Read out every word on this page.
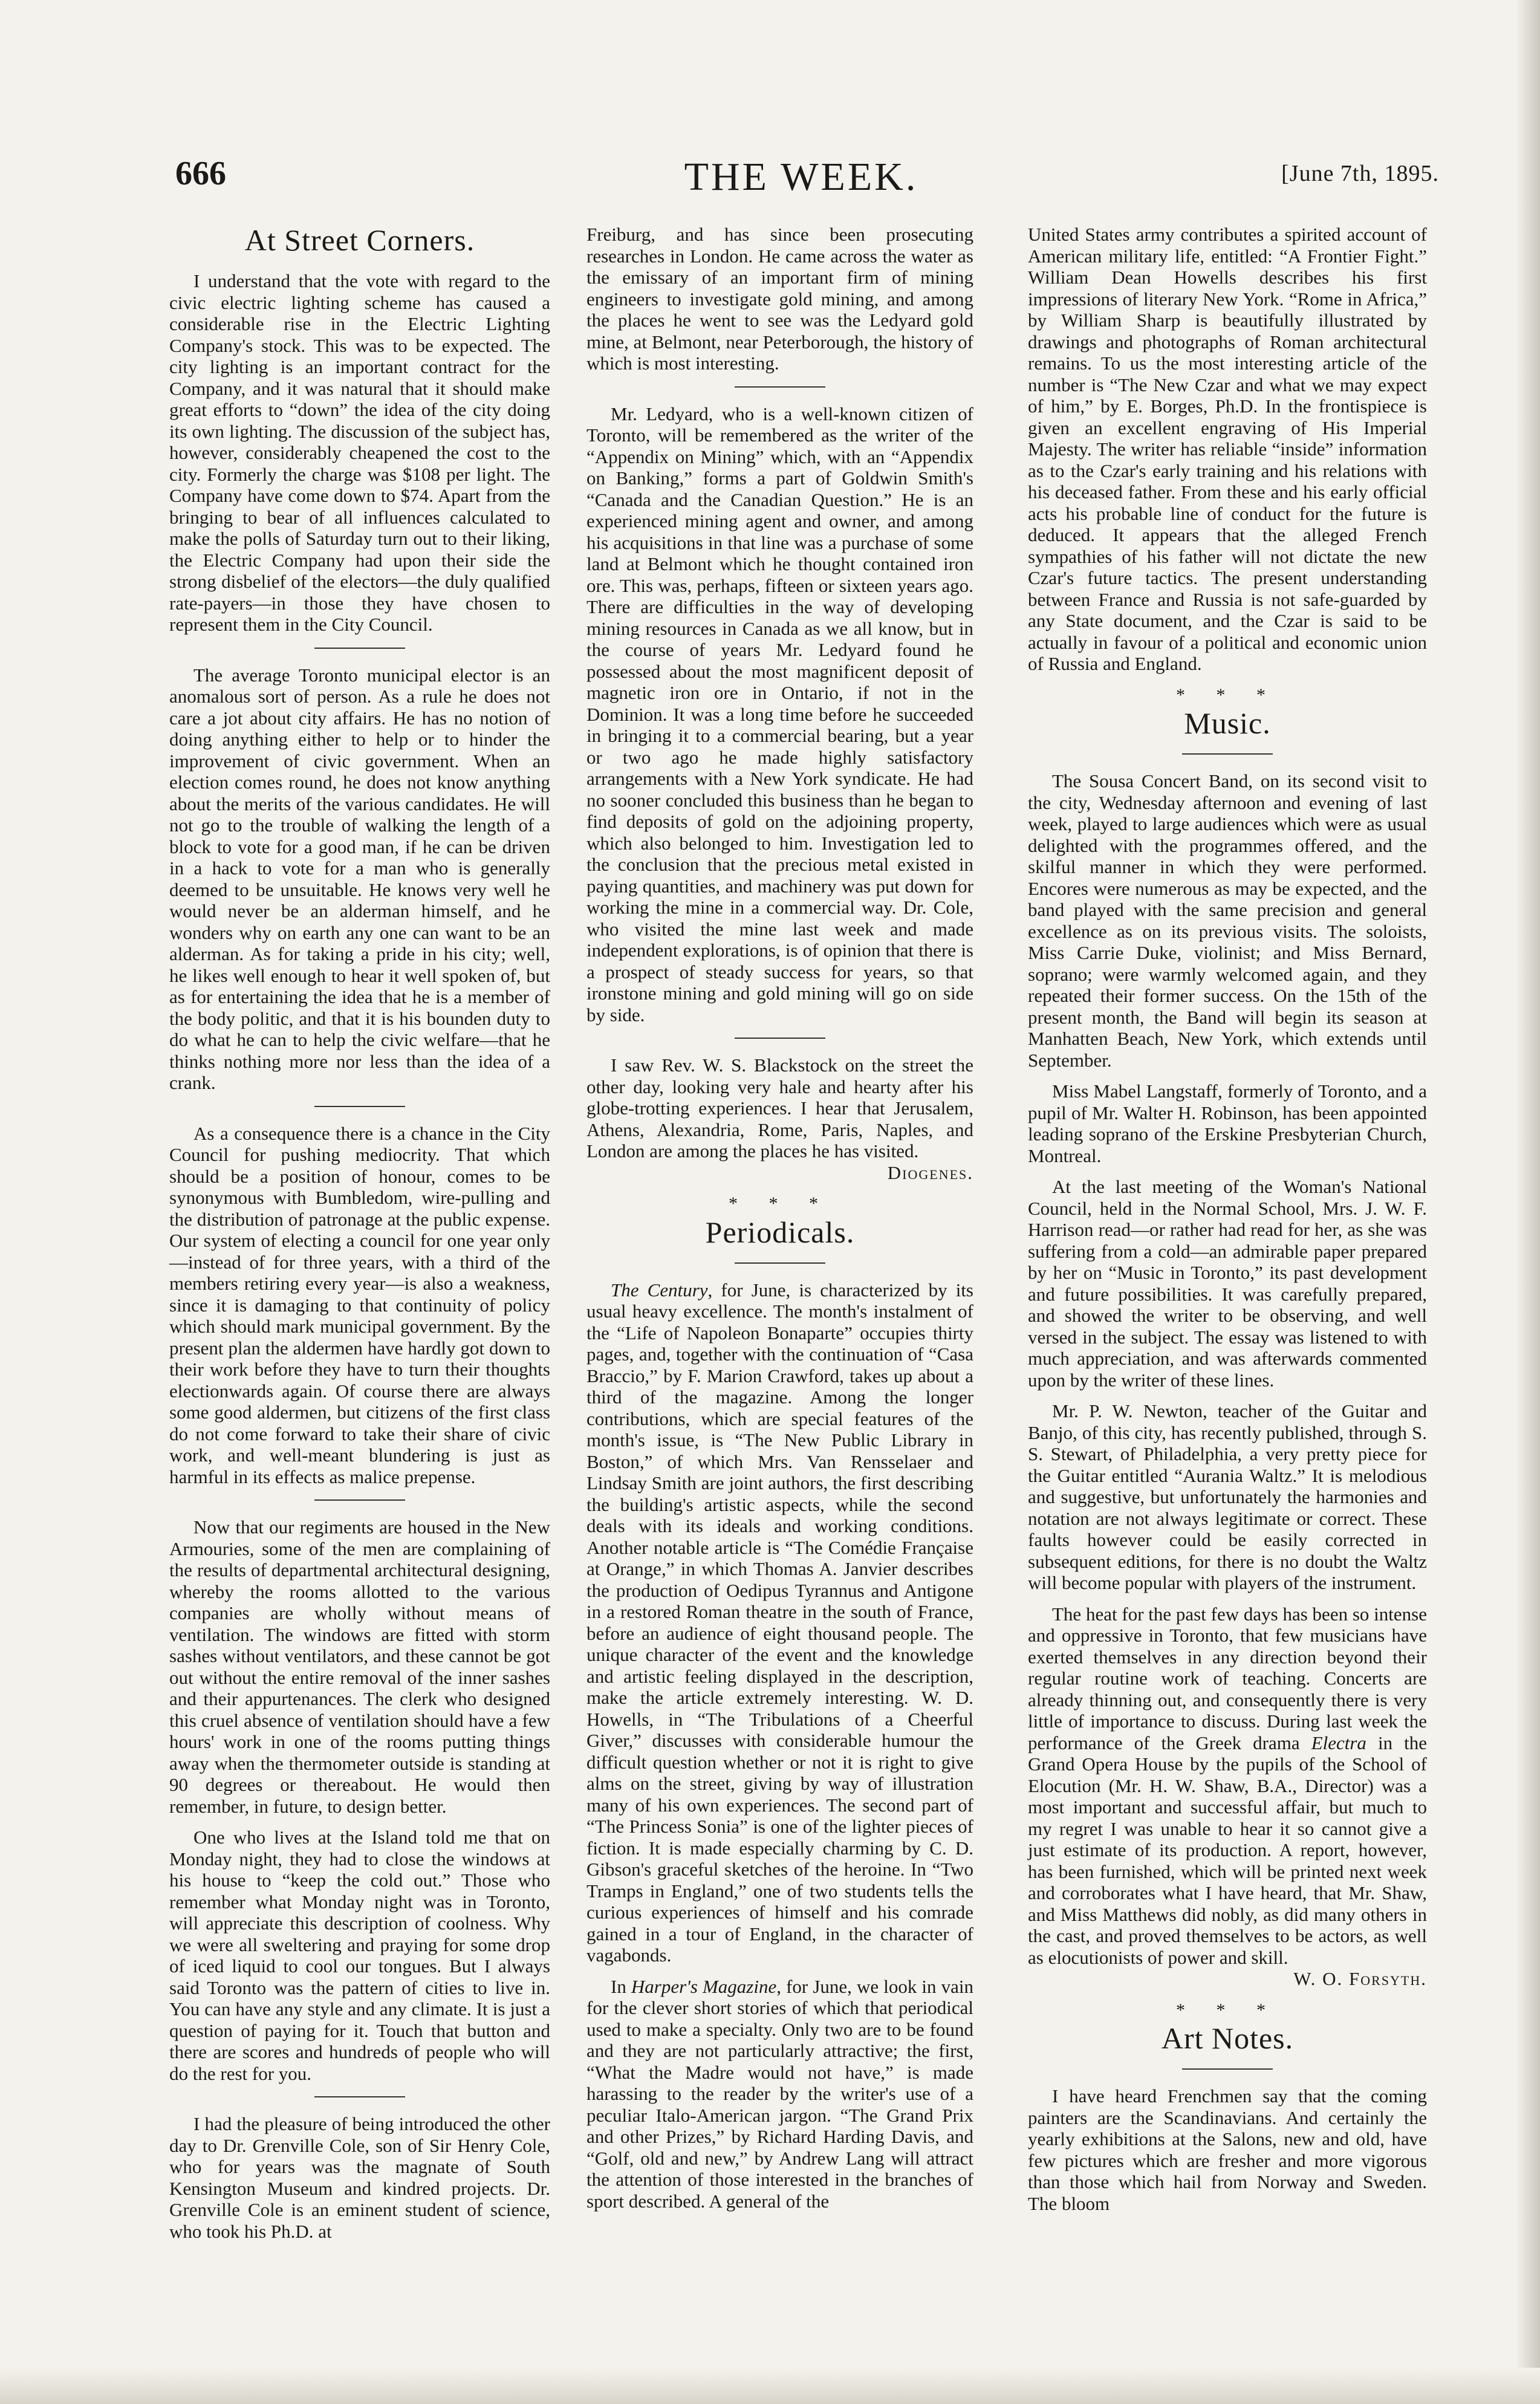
666	THE WEEK.	[June 7th, 1895.
At Street Corners.

I understand that the vote with regard to the civic electric lighting scheme has caused a considerable rise in the Electric Lighting Company's stock. This was to be expected. The city lighting is an important contract for the Company, and it was natural that it should make great efforts to “down” the idea of the city doing its own lighting. The discussion of the subject has, however, considerably cheapened the cost to the city. Formerly the charge was $108 per light. The Company have come down to $74. Apart from the bringing to bear of all influences calculated to make the polls of Saturday turn out to their liking, the Electric Company had upon their side the strong disbelief of the electors—the duly qualified rate-payers—in those they have chosen to represent them in the City Council.

The average Toronto municipal elector is an anomalous sort of person. As a rule he does not care a jot about city affairs. He has no notion of doing anything either to help or to hinder the improvement of civic government. When an election comes round, he does not know anything about the merits of the various candidates. He will not go to the trouble of walking the length of a block to vote for a good man, if he can be driven in a hack to vote for a man who is generally deemed to be unsuitable. He knows very well he would never be an alderman himself, and he wonders why on earth any one can want to be an alderman. As for taking a pride in his city; well, he likes well enough to hear it well spoken of, but as for entertaining the idea that he is a member of the body politic, and that it is his bounden duty to do what he can to help the civic welfare—that he thinks nothing more nor less than the idea of a crank.

As a consequence there is a chance in the City Council for pushing mediocrity. That which should be a position of honour, comes to be synonymous with Bumbledom, wire-pulling and the distribution of patronage at the public expense. Our system of electing a council for one year only—instead of for three years, with a third of the members retiring every year—is also a weakness, since it is damaging to that continuity of policy which should mark municipal government. By the present plan the aldermen have hardly got down to their work before they have to turn their thoughts electionwards again. Of course there are always some good aldermen, but citizens of the first class do not come forward to take their share of civic work, and well-meant blundering is just as harmful in its effects as malice prepense.

Now that our regiments are housed in the New Armouries, some of the men are complaining of the results of departmental architectural designing, whereby the rooms allotted to the various companies are wholly without means of ventilation. The windows are fitted with storm sashes without ventilators, and these cannot be got out without the entire removal of the inner sashes and their appurtenances. The clerk who designed this cruel absence of ventilation should have a few hours' work in one of the rooms putting things away when the thermometer outside is standing at 90 degrees or thereabout. He would then remember, in future, to design better.

One who lives at the Island told me that on Monday night, they had to close the windows at his house to “keep the cold out.” Those who remember what Monday night was in Toronto, will appreciate this description of coolness. Why we were all sweltering and praying for some drop of iced liquid to cool our tongues. But I always said Toronto was the pattern of cities to live in. You can have any style and any climate. It is just a question of paying for it. Touch that button and there are scores and hundreds of people who will do the rest for you.

I had the pleasure of being introduced the other day to Dr. Grenville Cole, son of Sir Henry Cole, who for years was the magnate of South Kensington Museum and kindred projects. Dr. Grenville Cole is an eminent student of science, who took his Ph.D. at

Freiburg, and has since been prosecuting researches in London. He came across the water as the emissary of an important firm of mining engineers to investigate gold mining, and among the places he went to see was the Ledyard gold mine, at Belmont, near Peterborough, the history of which is most interesting.

Mr. Ledyard, who is a well-known citizen of Toronto, will be remembered as the writer of the “Appendix on Mining” which, with an “Appendix on Banking,” forms a part of Goldwin Smith's “Canada and the Canadian Question.” He is an experienced mining agent and owner, and among his acquisitions in that line was a purchase of some land at Belmont which he thought contained iron ore. This was, perhaps, fifteen or sixteen years ago. There are difficulties in the way of developing mining resources in Canada as we all know, but in the course of years Mr. Ledyard found he possessed about the most magnificent deposit of magnetic iron ore in Ontario, if not in the Dominion. It was a long time before he succeeded in bringing it to a commercial bearing, but a year or two ago he made highly satisfactory arrangements with a New York syndicate. He had no sooner concluded this business than he began to find deposits of gold on the adjoining property, which also belonged to him. Investigation led to the conclusion that the precious metal existed in paying quantities, and machinery was put down for working the mine in a commercial way. Dr. Cole, who visited the mine last week and made independent explorations, is of opinion that there is a prospect of steady success for years, so that ironstone mining and gold mining will go on side by side.

I saw Rev. W. S. Blackstock on the street the other day, looking very hale and hearty after his globe-trotting experiences. I hear that Jerusalem, Athens, Alexandria, Rome, Paris, Naples, and London are among the places he has visited.
Diogenes.

* * *
Periodicals.

The Century, for June, is characterized by its usual heavy excellence. The month's instalment of the “Life of Napoleon Bonaparte” occupies thirty pages, and, together with the continuation of “Casa Braccio,” by F. Marion Crawford, takes up about a third of the magazine. Among the longer contributions, which are special features of the month's issue, is “The New Public Library in Boston,” of which Mrs. Van Rensselaer and Lindsay Smith are joint authors, the first describing the building's artistic aspects, while the second deals with its ideals and working conditions. Another notable article is “The Comédie Française at Orange,” in which Thomas A. Janvier describes the production of Oedipus Tyrannus and Antigone in a restored Roman theatre in the south of France, before an audience of eight thousand people. The unique character of the event and the knowledge and artistic feeling displayed in the description, make the article extremely interesting. W. D. Howells, in “The Tribulations of a Cheerful Giver,” discusses with considerable humour the difficult question whether or not it is right to give alms on the street, giving by way of illustration many of his own experiences. The second part of “The Princess Sonia” is one of the lighter pieces of fiction. It is made especially charming by C. D. Gibson's graceful sketches of the heroine. In “Two Tramps in England,” one of two students tells the curious experiences of himself and his comrade gained in a tour of England, in the character of vagabonds.

In Harper's Magazine, for June, we look in vain for the clever short stories of which that periodical used to make a specialty. Only two are to be found and they are not particularly attractive; the first, “What the Madre would not have,” is made harassing to the reader by the writer's use of a peculiar Italo-American jargon. “The Grand Prix and other Prizes,” by Richard Harding Davis, and “Golf, old and new,” by Andrew Lang will attract the attention of those interested in the branches of sport described. A general of the

United States army contributes a spirited account of American military life, entitled: “A Frontier Fight.” William Dean Howells describes his first impressions of literary New York. “Rome in Africa,” by William Sharp is beautifully illustrated by drawings and photographs of Roman architectural remains. To us the most interesting article of the number is “The New Czar and what we may expect of him,” by E. Borges, Ph.D. In the frontispiece is given an excellent engraving of His Imperial Majesty. The writer has reliable “inside” information as to the Czar's early training and his relations with his deceased father. From these and his early official acts his probable line of conduct for the future is deduced. It appears that the alleged French sympathies of his father will not dictate the new Czar's future tactics. The present understanding between France and Russia is not safe-guarded by any State document, and the Czar is said to be actually in favour of a political and economic union of Russia and England.

* * *
Music.

The Sousa Concert Band, on its second visit to the city, Wednesday afternoon and evening of last week, played to large audiences which were as usual delighted with the programmes offered, and the skilful manner in which they were performed. Encores were numerous as may be expected, and the band played with the same precision and general excellence as on its previous visits. The soloists, Miss Carrie Duke, violinist; and Miss Bernard, soprano; were warmly welcomed again, and they repeated their former success. On the 15th of the present month, the Band will begin its season at Manhatten Beach, New York, which extends until September.

Miss Mabel Langstaff, formerly of Toronto, and a pupil of Mr. Walter H. Robinson, has been appointed leading soprano of the Erskine Presbyterian Church, Montreal.

At the last meeting of the Woman's National Council, held in the Normal School, Mrs. J. W. F. Harrison read—or rather had read for her, as she was suffering from a cold—an admirable paper prepared by her on “Music in Toronto,” its past development and future possibilities. It was carefully prepared, and showed the writer to be observing, and well versed in the subject. The essay was listened to with much appreciation, and was afterwards commented upon by the writer of these lines.

Mr. P. W. Newton, teacher of the Guitar and Banjo, of this city, has recently published, through S. S. Stewart, of Philadelphia, a very pretty piece for the Guitar entitled “Aurania Waltz.” It is melodious and suggestive, but unfortunately the harmonies and notation are not always legitimate or correct. These faults however could be easily corrected in subsequent editions, for there is no doubt the Waltz will become popular with players of the instrument.

The heat for the past few days has been so intense and oppressive in Toronto, that few musicians have exerted themselves in any direction beyond their regular routine work of teaching. Concerts are already thinning out, and consequently there is very little of importance to discuss. During last week the performance of the Greek drama Electra in the Grand Opera House by the pupils of the School of Elocution (Mr. H. W. Shaw, B.A., Director) was a most important and successful affair, but much to my regret I was unable to hear it so cannot give a just estimate of its production. A report, however, has been furnished, which will be printed next week and corroborates what I have heard, that Mr. Shaw, and Miss Matthews did nobly, as did many others in the cast, and proved themselves to be actors, as well as elocutionists of power and skill.
W. O. Forsyth.

* * *
Art Notes.

I have heard Frenchmen say that the coming painters are the Scandinavians. And certainly the yearly exhibitions at the Salons, new and old, have few pictures which are fresher and more vigorous than those which hail from Norway and Sweden. The bloom
